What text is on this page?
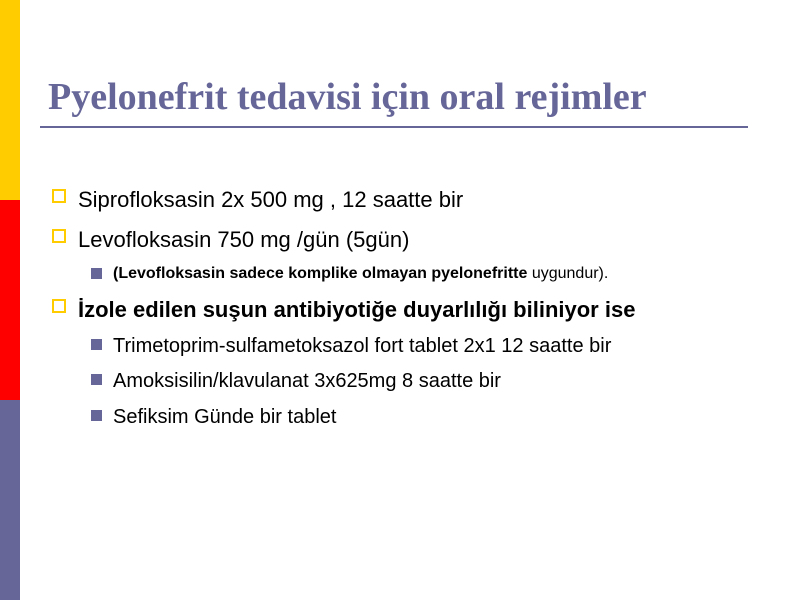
Pyelonefrit tedavisi için oral rejimler
Siprofloksasin 2x 500 mg , 12 saatte bir
Levofloksasin 750 mg /gün (5gün)
(Levofloksasin sadece komplike olmayan pyelonefritte uygundur).
İzole edilen suşun antibiyotiğe duyarlılığı biliniyor ise
Trimetoprim-sulfametoksazol fort tablet 2x1 12 saatte bir
Amoksisilin/klavulanat 3x625mg 8 saatte bir
Sefiksim Günde bir tablet
